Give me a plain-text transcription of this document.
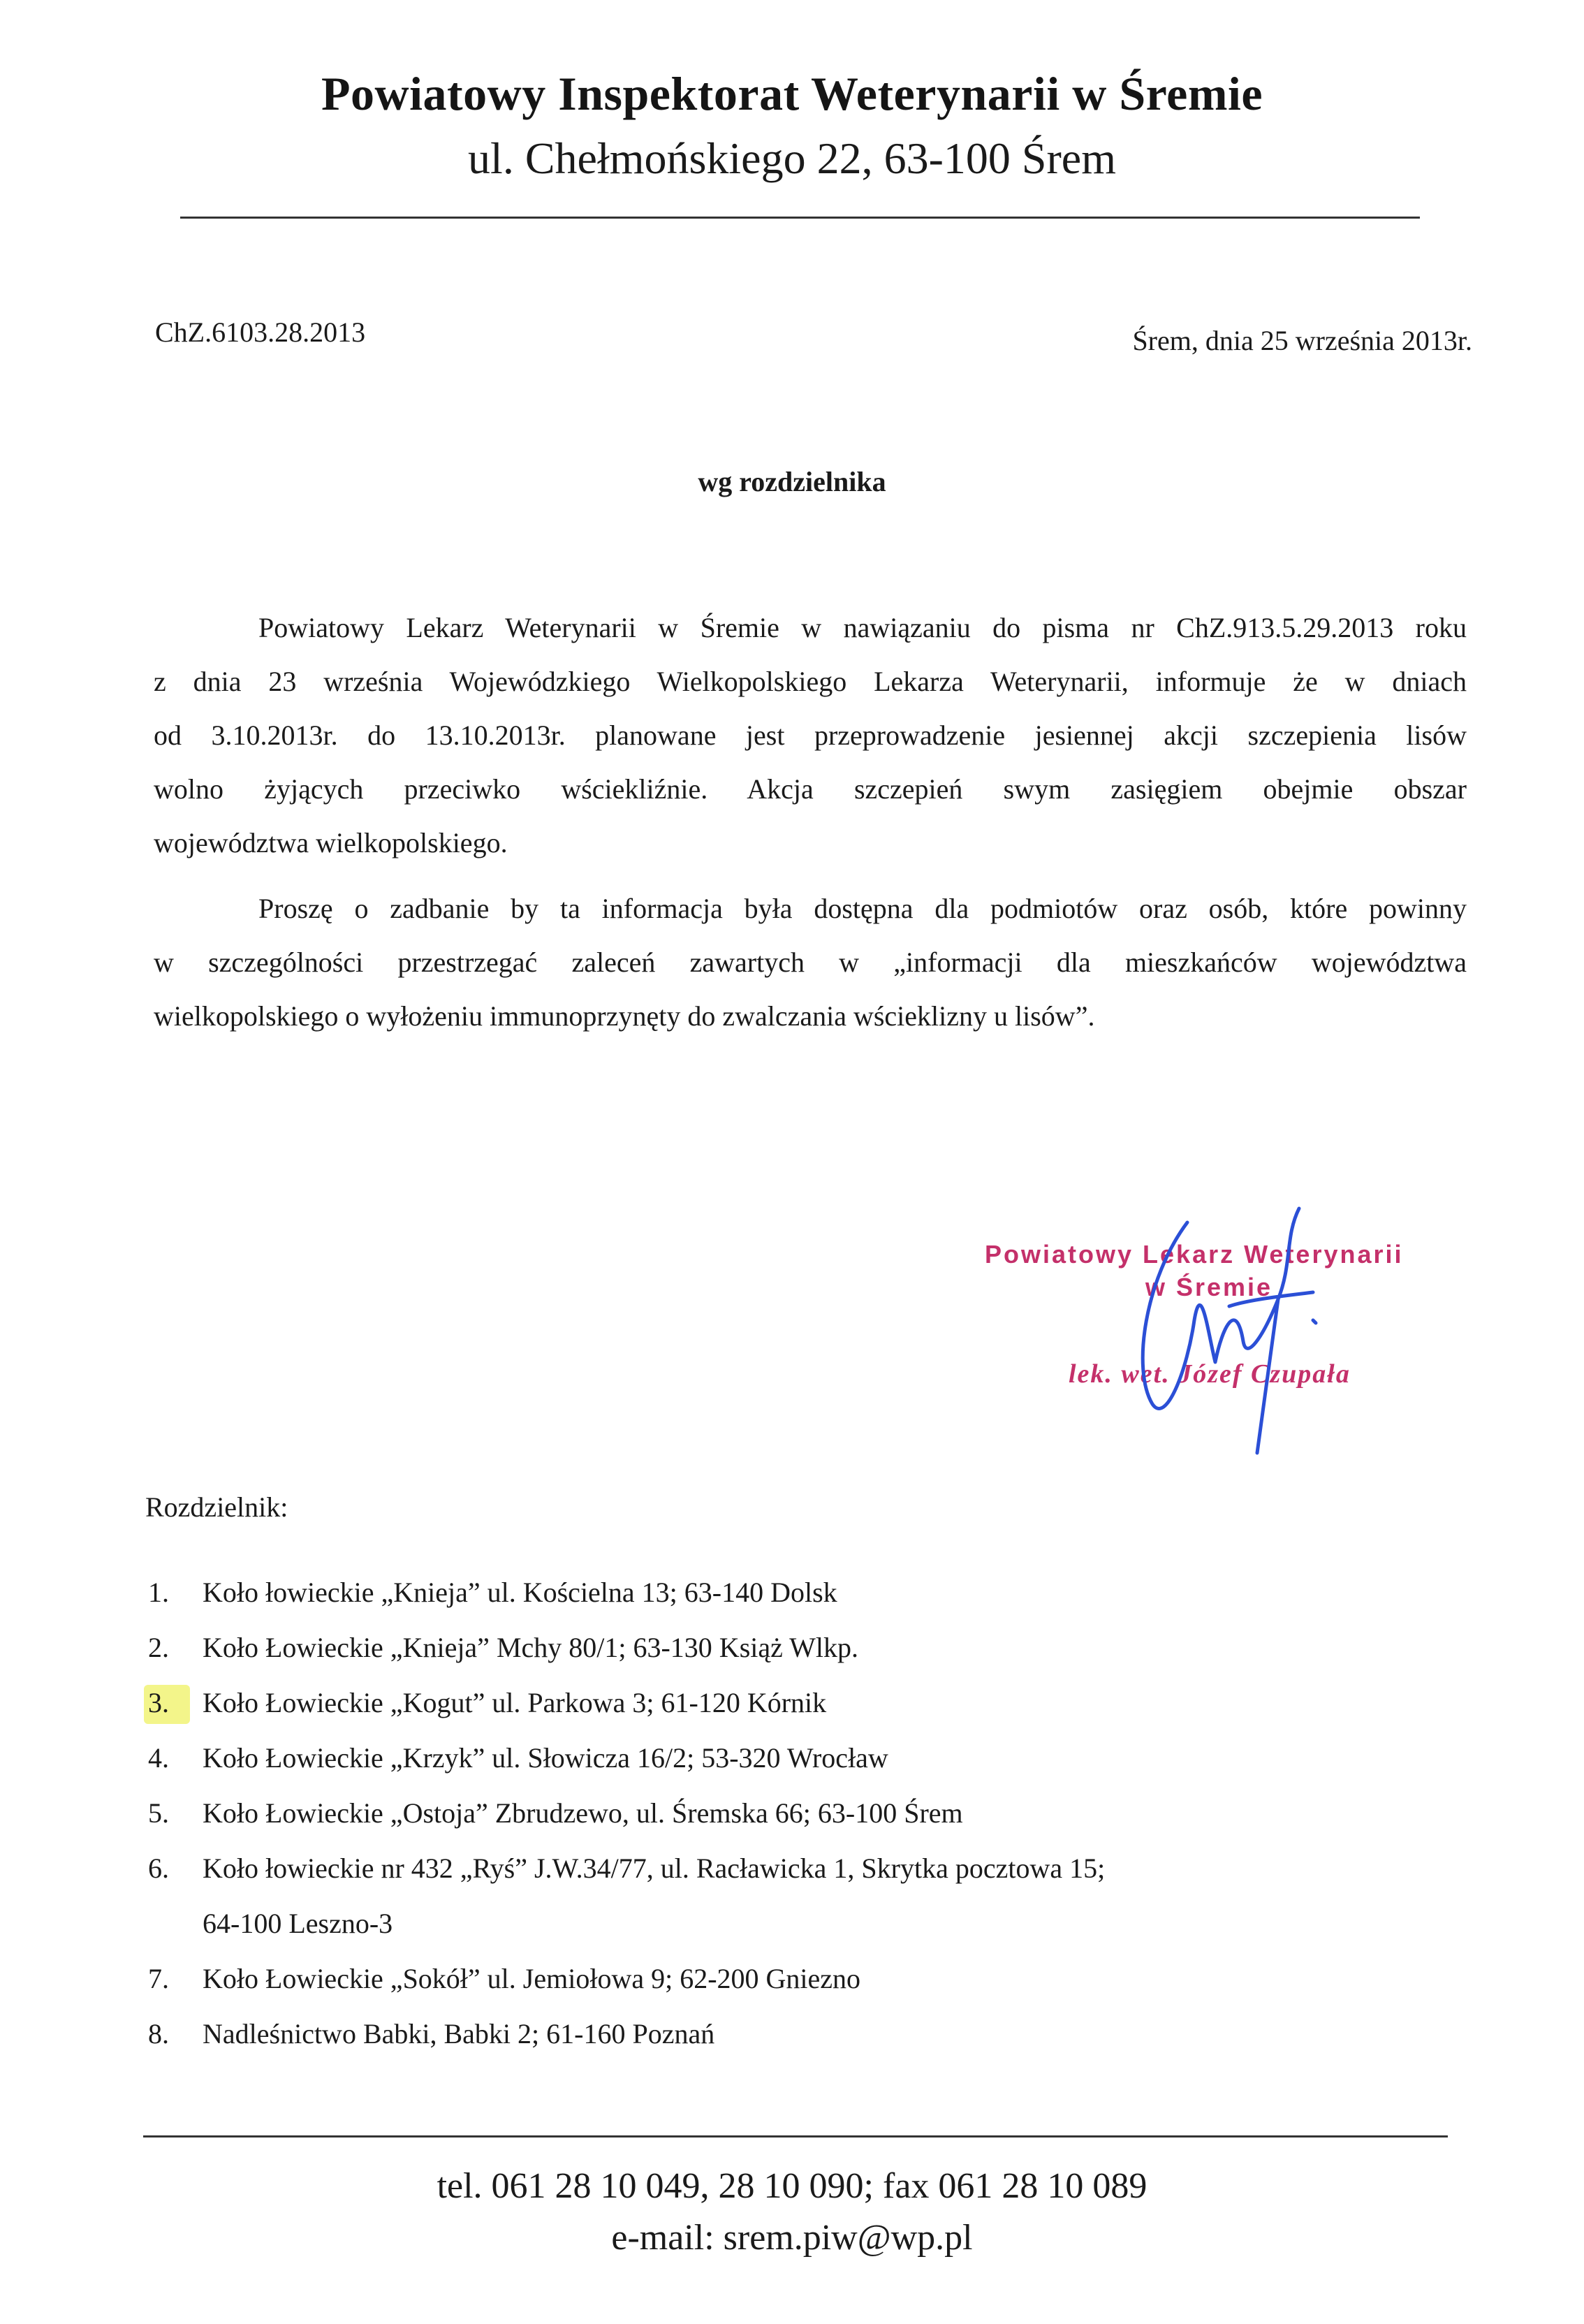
Powiatowy Inspektorat Weterynarii w Śremie
ul. Chełmońskiego 22, 63-100 Śrem
ChZ.6103.28.2013	Śrem, dnia 25 września 2013r.
wg rozdzielnika
Powiatowy Lekarz Weterynarii w Śremie w nawiązaniu do pisma nr ChZ.913.5.29.2013 roku
z dnia 23 września Wojewódzkiego Wielkopolskiego Lekarza Weterynarii, informuje że w dniach
od 3.10.2013r. do 13.10.2013r. planowane jest przeprowadzenie jesiennej akcji szczepienia lisów
wolno żyjących przeciwko wściekliźnie. Akcja szczepień swym zasięgiem obejmie obszar
województwa wielkopolskiego.
Proszę o zadbanie by ta informacja była dostępna dla podmiotów oraz osób, które powinny
w szczególności przestrzegać zaleceń zawartych w „informacji dla mieszkańców województwa
wielkopolskiego o wyłożeniu immunoprzynęty do zwalczania wścieklizny u lisów”.
Powiatowy Lekarz Weterynarii
w Śremie
lek. wet. Józef Czupała
Rozdzielnik:
1. Koło łowieckie „Knieja” ul. Kościelna 13; 63-140 Dolsk
2. Koło Łowieckie „Knieja” Mchy 80/1; 63-130 Książ Wlkp.
3. Koło Łowieckie „Kogut” ul. Parkowa 3; 61-120 Kórnik
4. Koło Łowieckie „Krzyk” ul. Słowicza 16/2; 53-320 Wrocław
5. Koło Łowieckie „Ostoja” Zbrudzewo, ul. Śremska 66; 63-100 Śrem
6. Koło łowieckie nr 432 „Ryś” J.W.34/77, ul. Racławicka 1, Skrytka pocztowa 15;
64-100 Leszno-3
7. Koło Łowieckie „Sokół” ul. Jemiołowa 9; 62-200 Gniezno
8. Nadleśnictwo Babki, Babki 2; 61-160 Poznań
tel. 061 28 10 049, 28 10 090; fax 061 28 10 089
e-mail: srem.piw@wp.pl
